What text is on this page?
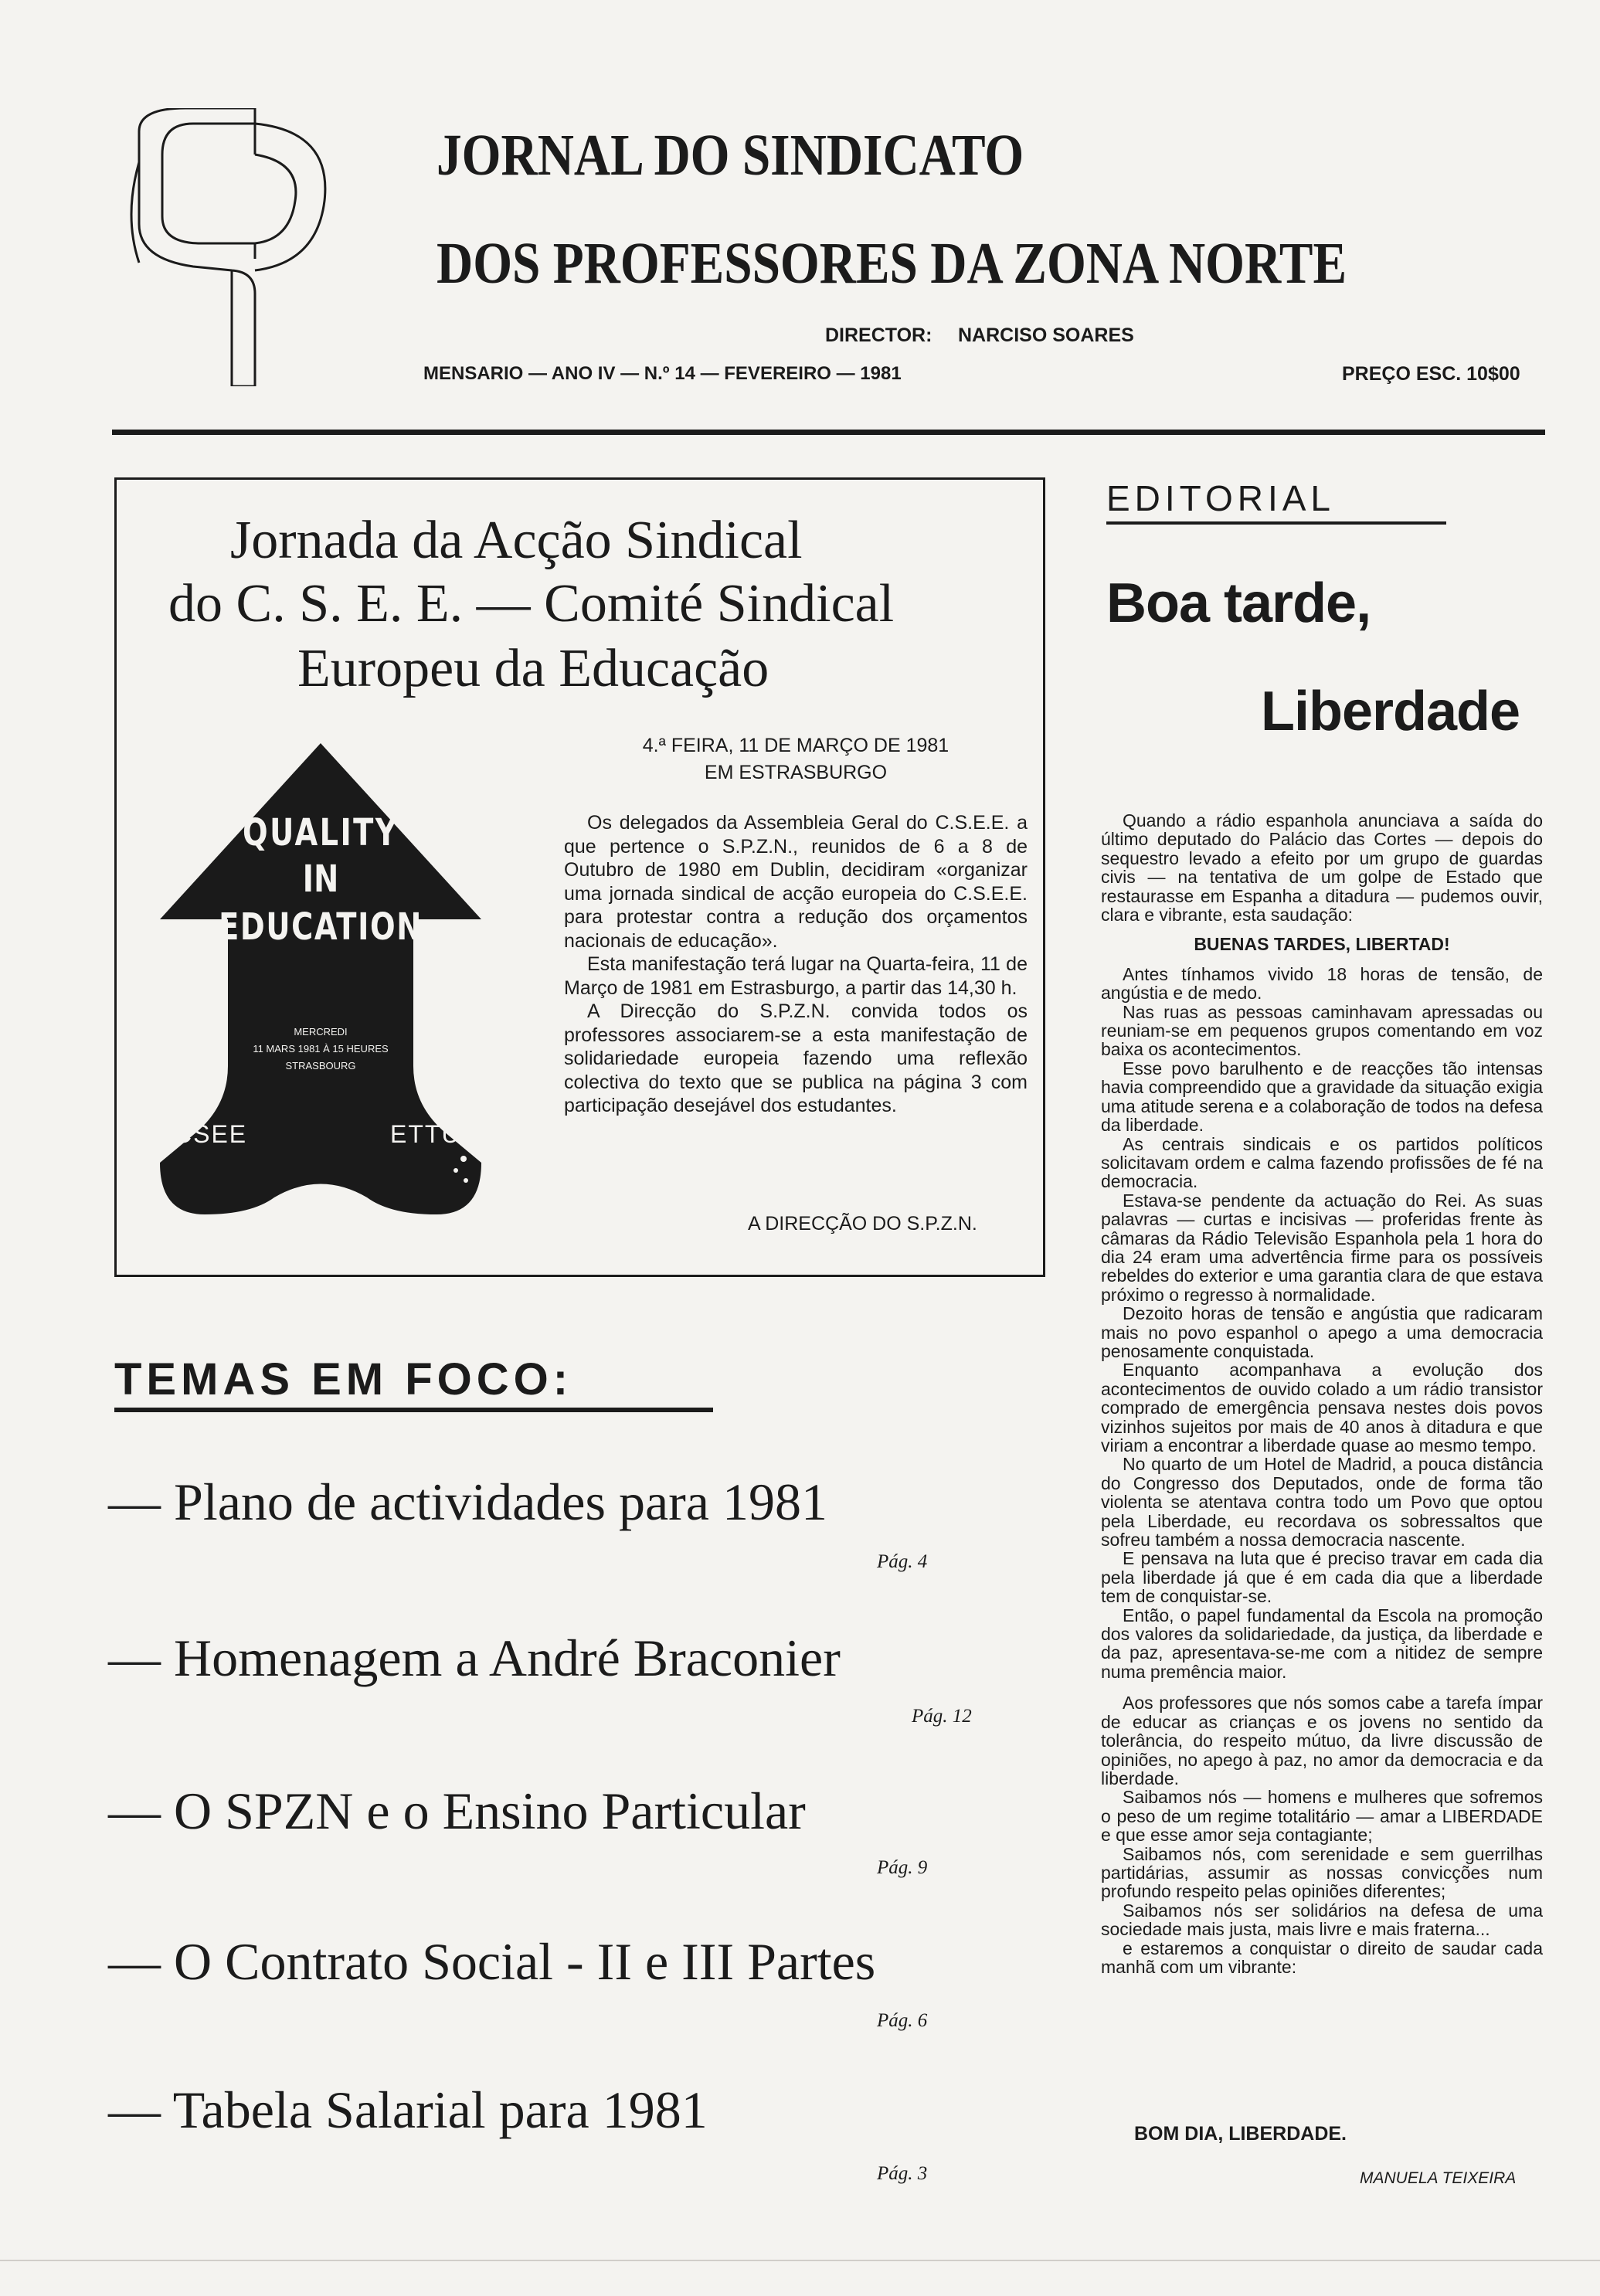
JORNAL DO SINDICATO
DOS PROFESSORES DA ZONA NORTE
DIRECTOR: NARCISO SOARES
MENSARIO — ANO IV — N.º 14 — FEVEREIRO — 1981	PREÇO ESC. 10$00
Jornada da Acção Sindical
do C. S. E. E. — Comité Sindical
Europeu da Educação
4.ª FEIRA, 11 DE MARÇO DE 1981
EM ESTRASBURGO

Os delegados da Assembleia Geral do C.S.E.E. a que pertence o S.P.Z.N., reunidos de 6 a 8 de Outubro de 1980 em Dublin, decidiram «organizar uma jornada sindical de acção europeia do C.S.E.E. para protestar contra a redução dos orçamentos nacionais de educação».

Esta manifestação terá lugar na Quarta-feira, 11 de Março de 1981 em Estrasburgo, a partir das 14,30 h.

A Direcção do S.P.Z.N. convida todos os professores associarem-se a esta manifestação de solidariedade europeia fazendo uma reflexão colectiva do texto que se publica na página 3 com participação desejável dos estudantes.

A DIRECÇÃO DO S.P.Z.N.
QUALITY
IN
EDUCATION
MERCREDI
11 MARS 1981 À 15 HEURES
STRASBOURG
CSEE	ETTUC
TEMAS EM FOCO:
— Plano de actividades para 1981
Pág. 4
— Homenagem a André Braconier
Pág. 12
— O SPZN e o Ensino Particular
Pág. 9
— O Contrato Social - II e III Partes
Pág. 6
— Tabela Salarial para 1981
Pág. 3
EDITORIAL
Boa tarde,
Liberdade

Quando a rádio espanhola anunciava a saída do último deputado do Palácio das Cortes — depois do sequestro levado a efeito por um grupo de guardas civis — na tentativa de um golpe de Estado que restaurasse em Espanha a ditadura — pudemos ouvir, clara e vibrante, esta saudação:

BUENAS TARDES, LIBERTAD!

Antes tínhamos vivido 18 horas de tensão, de angústia e de medo.

Nas ruas as pessoas caminhavam apressadas ou reuniam-se em pequenos grupos comentando em voz baixa os acontecimentos.

Esse povo barulhento e de reacções tão intensas havia compreendido que a gravidade da situação exigia uma atitude serena e a colaboração de todos na defesa da liberdade.

As centrais sindicais e os partidos políticos solicitavam ordem e calma fazendo profissões de fé na democracia.

Estava-se pendente da actuação do Rei. As suas palavras — curtas e incisivas — proferidas frente às câmaras da Rádio Televisão Espanhola pela 1 hora do dia 24 eram uma advertência firme para os possíveis rebeldes do exterior e uma garantia clara de que estava próximo o regresso à normalidade.

Dezoito horas de tensão e angústia que radicaram mais no povo espanhol o apego a uma democracia penosamente conquistada.

Enquanto acompanhava a evolução dos acontecimentos de ouvido colado a um rádio transistor comprado de emergência pensava nestes dois povos vizinhos sujeitos por mais de 40 anos à ditadura e que viriam a encontrar a liberdade quase ao mesmo tempo.

No quarto de um Hotel de Madrid, a pouca distância do Congresso dos Deputados, onde de forma tão violenta se atentava contra todo um Povo que optou pela Liberdade, eu recordava os sobressaltos que sofreu também a nossa democracia nascente.

E pensava na luta que é preciso travar em cada dia pela liberdade já que é em cada dia que a liberdade tem de conquistar-se.

Então, o papel fundamental da Escola na promoção dos valores da solidariedade, da justiça, da liberdade e da paz, apresentava-se-me com a nitidez de sempre numa premência maior.

Aos professores que nós somos cabe a tarefa ímpar de educar as crianças e os jovens no sentido da tolerância, do respeito mútuo, da livre discussão de opiniões, no apego à paz, no amor da democracia e da liberdade.

Saibamos nós — homens e mulheres que sofremos o peso de um regime totalitário — amar a LIBERDADE e que esse amor seja contagiante;

Saibamos nós, com serenidade e sem guerrilhas partidárias, assumir as nossas convicções num profundo respeito pelas opiniões diferentes;

Saibamos nós ser solidários na defesa de uma sociedade mais justa, mais livre e mais fraterna...

e estaremos a conquistar o direito de saudar cada manhã com um vibrante:

BOM DIA, LIBERDADE.
MANUELA TEIXEIRA
